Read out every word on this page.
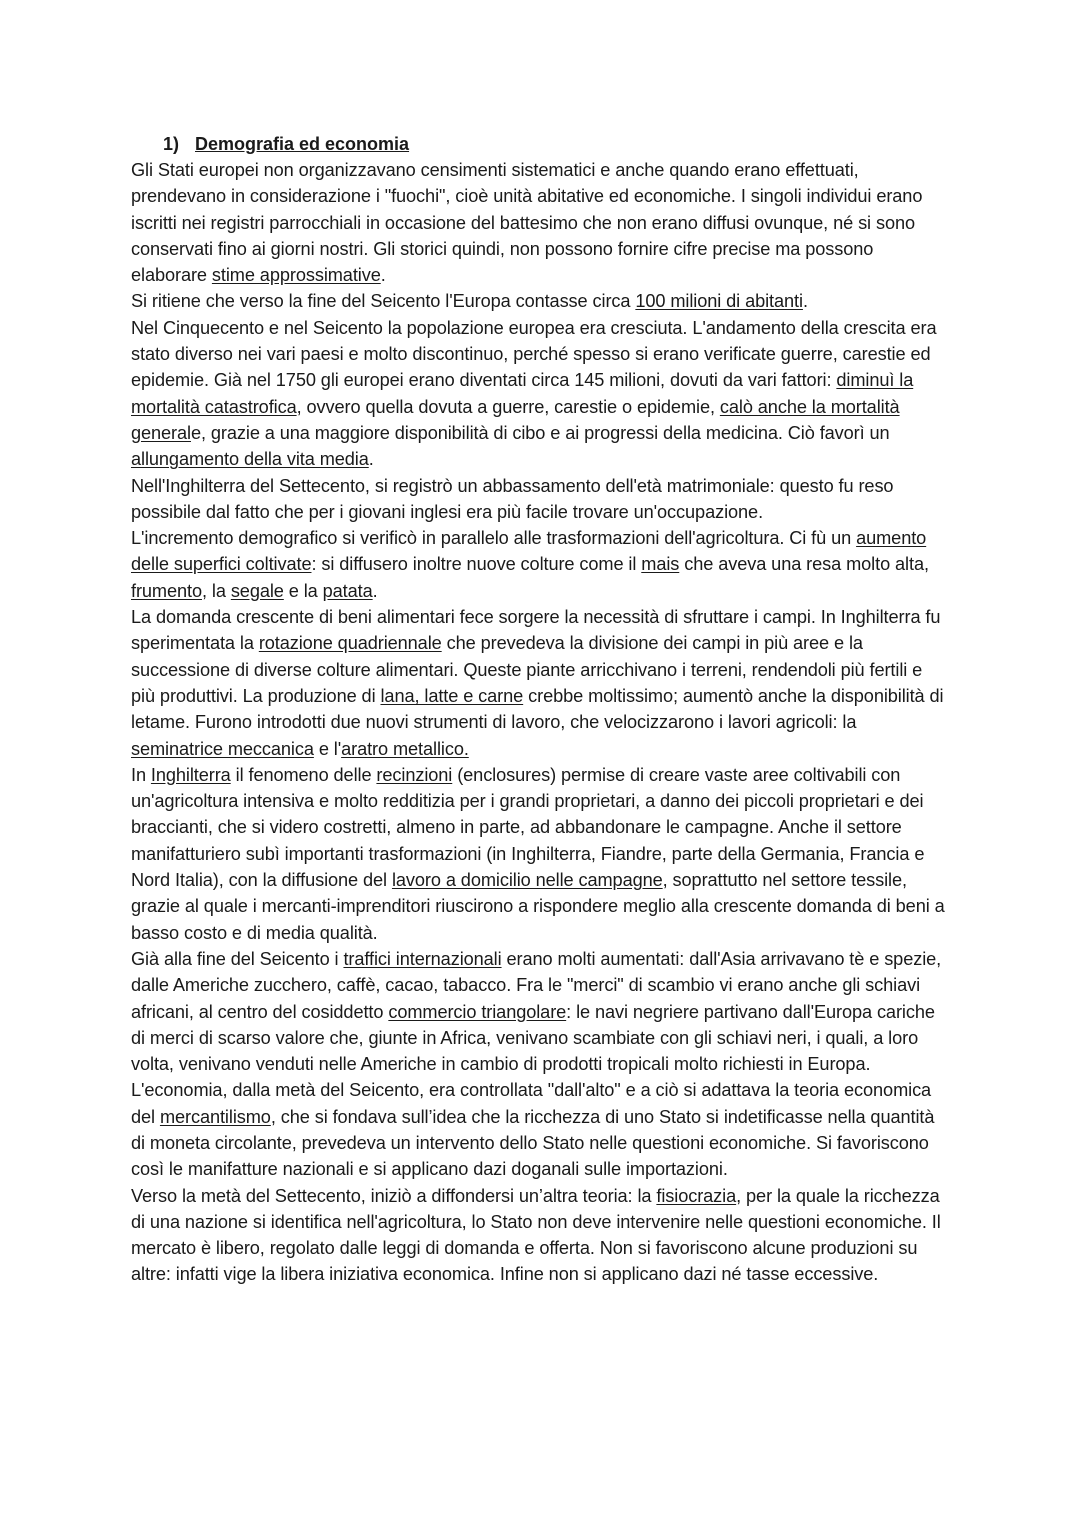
1) Demografia ed economia

Gli Stati europei non organizzavano censimenti sistematici e anche quando erano effettuati, prendevano in considerazione i "fuochi", cioè unità abitative ed economiche. I singoli individui erano iscritti nei registri parrocchiali in occasione del battesimo che non erano diffusi ovunque, né si sono conservati fino ai giorni nostri. Gli storici quindi, non possono fornire cifre precise ma possono elaborare stime approssimative.

Si ritiene che verso la fine del Seicento l'Europa contasse circa 100 milioni di abitanti.

Nel Cinquecento e nel Seicento la popolazione europea era cresciuta. L'andamento della crescita era stato diverso nei vari paesi e molto discontinuo, perché spesso si erano verificate guerre, carestie ed epidemie. Già nel 1750 gli europei erano diventati circa 145 milioni, dovuti da vari fattori: diminuì la mortalità catastrofica, ovvero quella dovuta a guerre, carestie o epidemie, calò anche la mortalità generale, grazie a una maggiore disponibilità di cibo e ai progressi della medicina. Ciò favorì un allungamento della vita media.

Nell'Inghilterra del Settecento, si registrò un abbassamento dell'età matrimoniale: questo fu reso possibile dal fatto che per i giovani inglesi era più facile trovare un'occupazione.

L'incremento demografico si verificò in parallelo alle trasformazioni dell'agricoltura. Ci fù un aumento delle superfici coltivate: si diffusero inoltre nuove colture come il mais che aveva una resa molto alta, frumento, la segale e la patata.

La domanda crescente di beni alimentari fece sorgere la necessità di sfruttare i campi. In Inghilterra fu sperimentata la rotazione quadriennale che prevedeva la divisione dei campi in più aree e la successione di diverse colture alimentari. Queste piante arricchivano i terreni, rendendoli più fertili e più produttivi. La produzione di lana, latte e carne crebbe moltissimo; aumentò anche la disponibilità di letame. Furono introdotti due nuovi strumenti di lavoro, che velocizzarono i lavori agricoli: la seminatrice meccanica e l'aratro metallico.

In Inghilterra il fenomeno delle recinzioni (enclosures) permise di creare vaste aree coltivabili con un'agricoltura intensiva e molto redditizia per i grandi proprietari, a danno dei piccoli proprietari e dei braccianti, che si videro costretti, almeno in parte, ad abbandonare le campagne. Anche il settore manifatturiero subì importanti trasformazioni (in Inghilterra, Fiandre, parte della Germania, Francia e Nord Italia), con la diffusione del lavoro a domicilio nelle campagne, soprattutto nel settore tessile, grazie al quale i mercanti-imprenditori riuscirono a rispondere meglio alla crescente domanda di beni a basso costo e di media qualità.

Già alla fine del Seicento i traffici internazionali erano molti aumentati: dall'Asia arrivavano tè e spezie, dalle Americhe zucchero, caffè, cacao, tabacco. Fra le "merci" di scambio vi erano anche gli schiavi africani, al centro del cosiddetto commercio triangolare: le navi negriere partivano dall'Europa cariche di merci di scarso valore che, giunte in Africa, venivano scambiate con gli schiavi neri, i quali, a loro volta, venivano venduti nelle Americhe in cambio di prodotti tropicali molto richiesti in Europa.

L'economia, dalla metà del Seicento, era controllata "dall'alto" e a ciò si adattava la teoria economica del mercantilismo, che si fondava sull’idea che la ricchezza di uno Stato si indetificasse nella quantità di moneta circolante, prevedeva un intervento dello Stato nelle questioni economiche. Si favoriscono così le manifatture nazionali e si applicano dazi doganali sulle importazioni.

Verso la metà del Settecento, iniziò a diffondersi un’altra teoria: la fisiocrazia, per la quale la ricchezza di una nazione si identifica nell'agricoltura, lo Stato non deve intervenire nelle questioni economiche. Il mercato è libero, regolato dalle leggi di domanda e offerta. Non si favoriscono alcune produzioni su altre: infatti vige la libera iniziativa economica. Infine non si applicano dazi né tasse eccessive.
